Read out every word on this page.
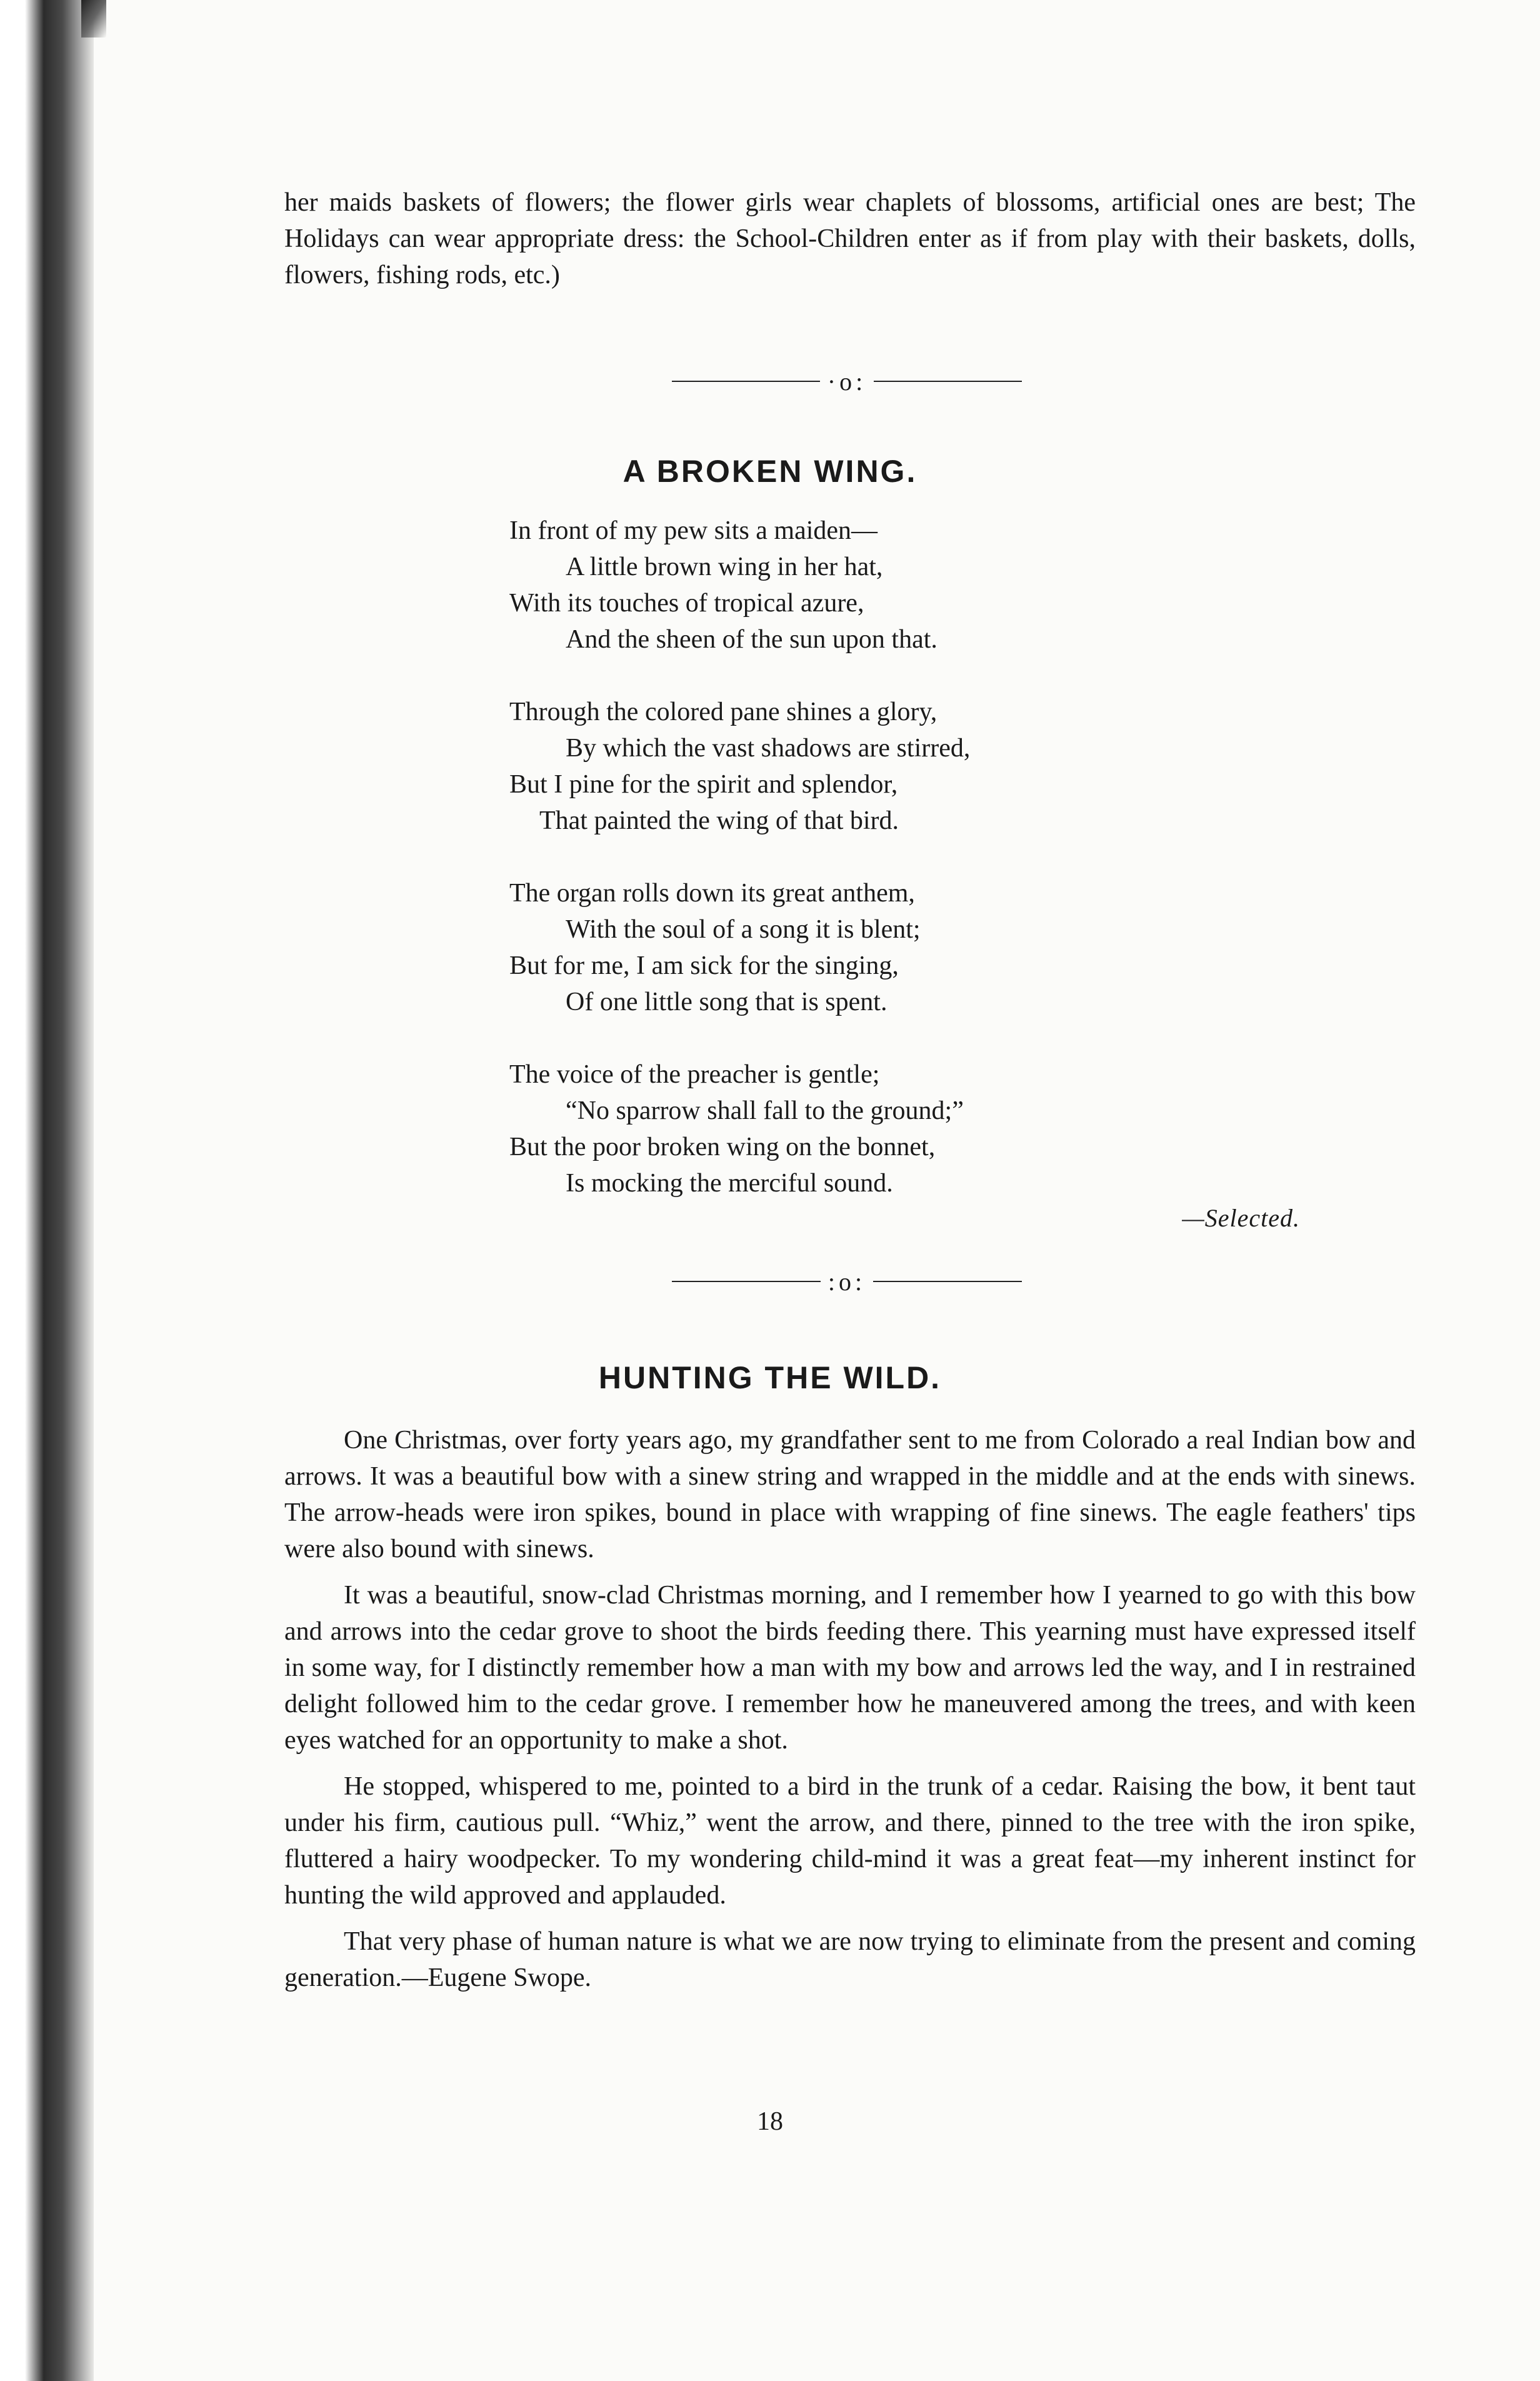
her maids baskets of flowers; the flower girls wear chaplets of blossoms, artificial ones are best; The Holidays can wear appropriate dress: the School-Children enter as if from play with their baskets, dolls, flowers, fishing rods, etc.)
·o:
A BROKEN WING.
In front of my pew sits a maiden—
A little brown wing in her hat,
With its touches of tropical azure,
And the sheen of the sun upon that.
Through the colored pane shines a glory,
By which the vast shadows are stirred,
But I pine for the spirit and splendor,
That painted the wing of that bird.
The organ rolls down its great anthem,
With the soul of a song it is blent;
But for me, I am sick for the singing,
Of one little song that is spent.
The voice of the preacher is gentle;
“No sparrow shall fall to the ground;”
But the poor broken wing on the bonnet,
Is mocking the merciful sound.
—Selected.
:o:
HUNTING THE WILD.

One Christmas, over forty years ago, my grandfather sent to me from Colorado a real Indian bow and arrows. It was a beautiful bow with a sinew string and wrapped in the middle and at the ends with sinews. The arrow-heads were iron spikes, bound in place with wrapping of fine sinews. The eagle feathers' tips were also bound with sinews.

It was a beautiful, snow-clad Christmas morning, and I remember how I yearned to go with this bow and arrows into the cedar grove to shoot the birds feeding there. This yearning must have expressed itself in some way, for I distinctly remember how a man with my bow and arrows led the way, and I in restrained delight followed him to the cedar grove. I remember how he maneuvered among the trees, and with keen eyes watched for an opportunity to make a shot.

He stopped, whispered to me, pointed to a bird in the trunk of a cedar. Raising the bow, it bent taut under his firm, cautious pull. “Whiz,” went the arrow, and there, pinned to the tree with the iron spike, fluttered a hairy woodpecker. To my wondering child-mind it was a great feat—my inherent instinct for hunting the wild approved and applauded.

That very phase of human nature is what we are now trying to eliminate from the present and coming generation.—Eugene Swope.

18
